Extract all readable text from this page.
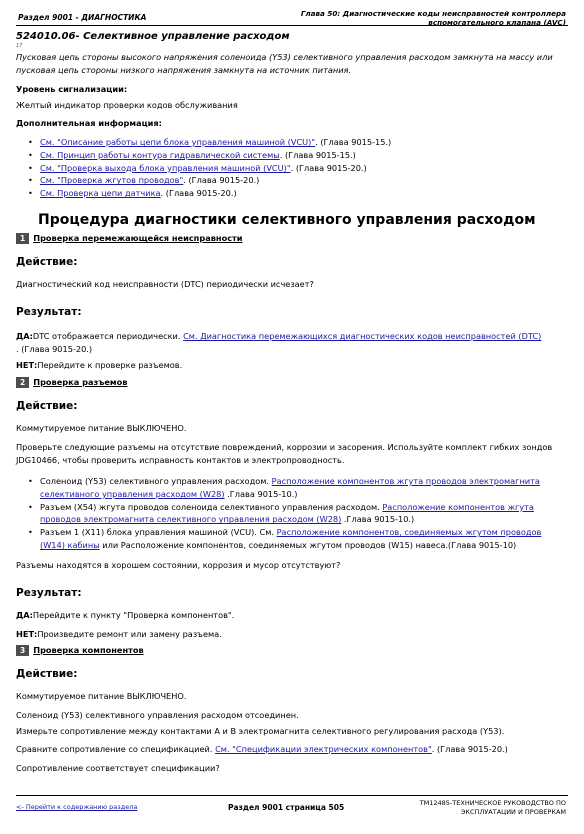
Раздел 9001 - ДИАГНОСТИКА	Глава 50: Диагностические коды неисправностей контроллера
вспомогательного клапана (AVC)
524010.06- Селективное управление расходом
17
Пусковая цепь стороны высокого напряжения соленоида (Y53) селективного управления расходом замкнута на массу или пусковая цепь стороны низкого напряжения замкнута на источник питания.
Уровень сигнализации:
Желтый индикатор проверки кодов обслуживания
Дополнительная информация:
• См. "Описание работы цепи блока управления машиной (VCU)". (Глава 9015-15.)
• См. Принцип работы контура гидравлической системы. (Глава 9015-15.)
• См. "Проверка выхода блока управления машиной (VCU)". (Глава 9015-20.)
• См. "Проверка жгутов проводов". (Глава 9015-20.)
• См. Проверка цепи датчика. (Глава 9015-20.)
Процедура диагностики селективного управления расходом
1 Проверка перемежающейся неисправности
Действие:
Диагностический код неисправности (DTC) периодически исчезает?
Результат:
ДА:DTC отображается периодически. См. Диагностика перемежающихся диагностических кодов неисправностей (DTC)
. (Глава 9015-20.)
НЕТ:Перейдите к проверке разъемов.
2 Проверка разъемов
Действие:
Коммутируемое питание ВЫКЛЮЧЕНО.
Проверьте следующие разъемы на отсутствие повреждений, коррозии и засорения. Используйте комплект гибких зондов JDG10466, чтобы проверить исправность контактов и электропроводность.
• Соленоид (Y53) селективного управления расходом. Расположение компонентов жгута проводов электромагнита селективного управления расходом (W28) .Глава 9015-10.)
• Разъем (X54) жгута проводов соленоида селективного управления расходом. Расположение компонентов жгута проводов электромагнита селективного управления расходом (W28) .Глава 9015-10.)
• Разъем 1 (X11) блока управления машиной (VCU). См. Расположение компонентов, соединяемых жгутом проводов (W14) кабины или Расположение компонентов, соединяемых жгутом проводов (W15) навеса.(Глава 9015-10)
Разъемы находятся в хорошем состоянии, коррозия и мусор отсутствуют?
Результат:
ДА:Перейдите к пункту "Проверка компонентов".
НЕТ:Произведите ремонт или замену разъема.
3 Проверка компонентов
Действие:
Коммутируемое питание ВЫКЛЮЧЕНО.
Соленоид (Y53) селективного управления расходом отсоединен.
Измерьте сопротивление между контактами A и B электромагнита селективного регулирования расхода (Y53).
Сравните сопротивление со спецификацией. См. "Спецификации электрических компонентов". (Глава 9015-20.)
Сопротивление соответствует спецификации?
<- Перейти к содержанию раздела	Раздел 9001 страница 505	TM12485-ТЕХНИЧЕСКОЕ РУКОВОДСТВО ПО
ЭКСПЛУАТАЦИИ И ПРОВЕРКАМ
